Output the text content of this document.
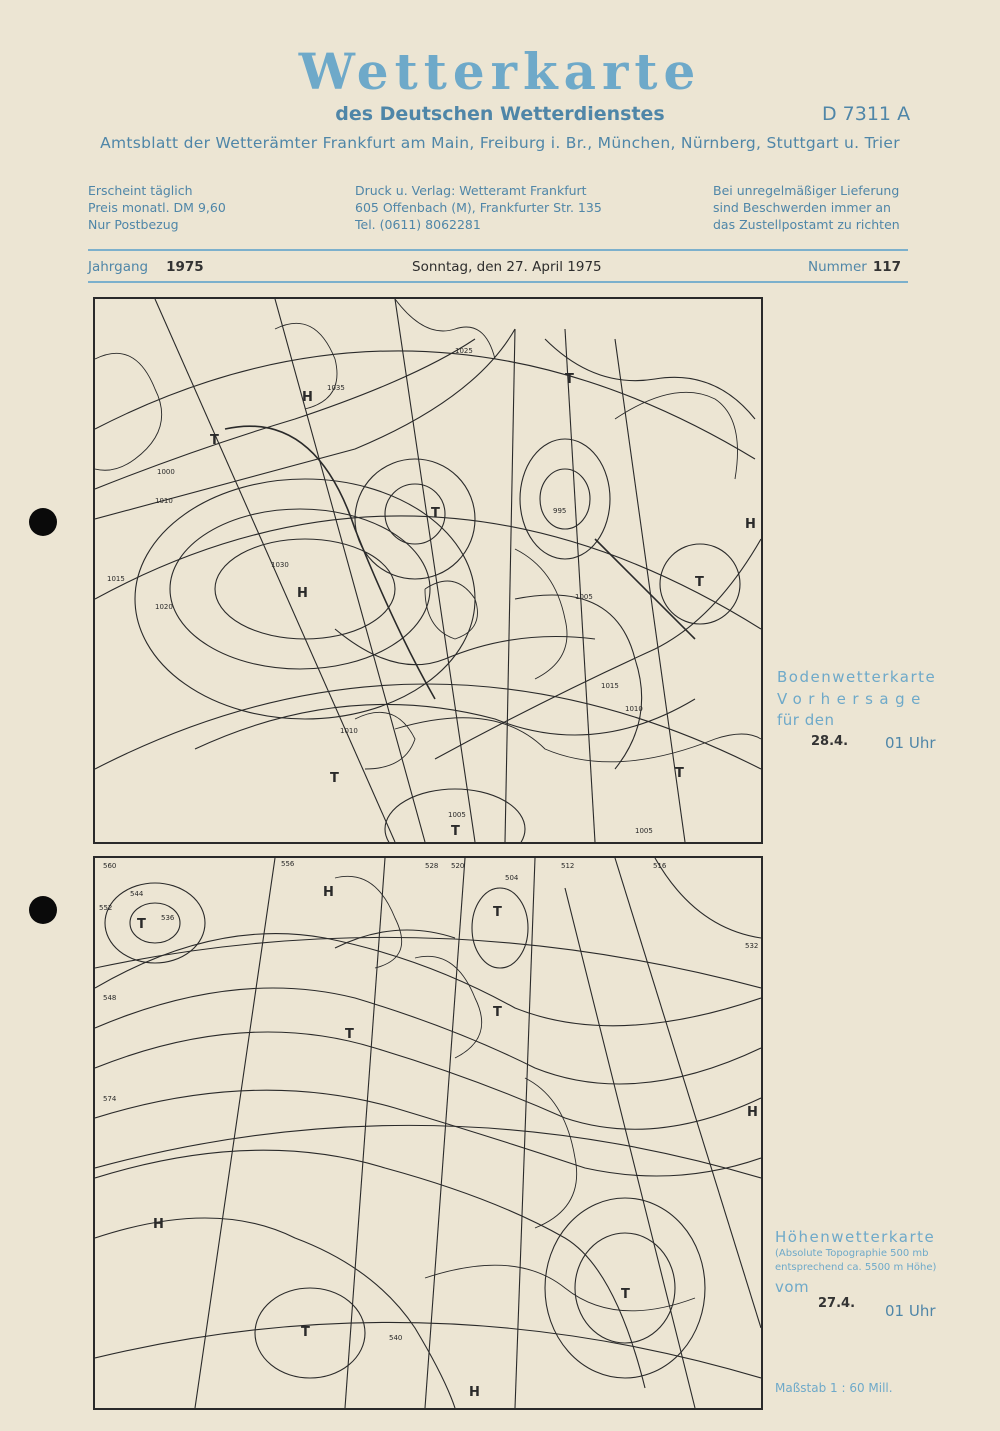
Wetterkarte
des Deutschen Wetterdienstes	D 7311 A
Amtsblatt der Wetterämter Frankfurt am Main, Freiburg i. Br., München, Nürnberg, Stuttgart u. Trier
Erscheint täglich
Preis monatl. DM 9,60
Nur Postbezug
Druck u. Verlag: Wetteramt Frankfurt
605 Offenbach (M), Frankfurter Str. 135
Tel. (0611) 8062281
Bei unregelmäßiger Lieferung
sind Beschwerden immer an
das Zustellpostamt zu richten
Jahrgang 1975	Sonntag, den 27. April 1975	Nummer 117
1025
1015
1010
1005
1000
1030
1020
1035
995
1010
1005
1015
1010
1005
H
H
H
T
T
T
T
T
T
T
Bodenwetterkarte
Vorhersage
für den
28.4. 01 Uhr
560
552
544
536
528 520	512
504
548
540
532
574
556	516
H
H
H
H
T
T
T
T
T
T
Höhenwetterkarte
(Absolute Topographie 500 mb
entsprechend ca. 5500 m Höhe)
vom
27.4. 01 Uhr
Maßstab 1 : 60 Mill.
